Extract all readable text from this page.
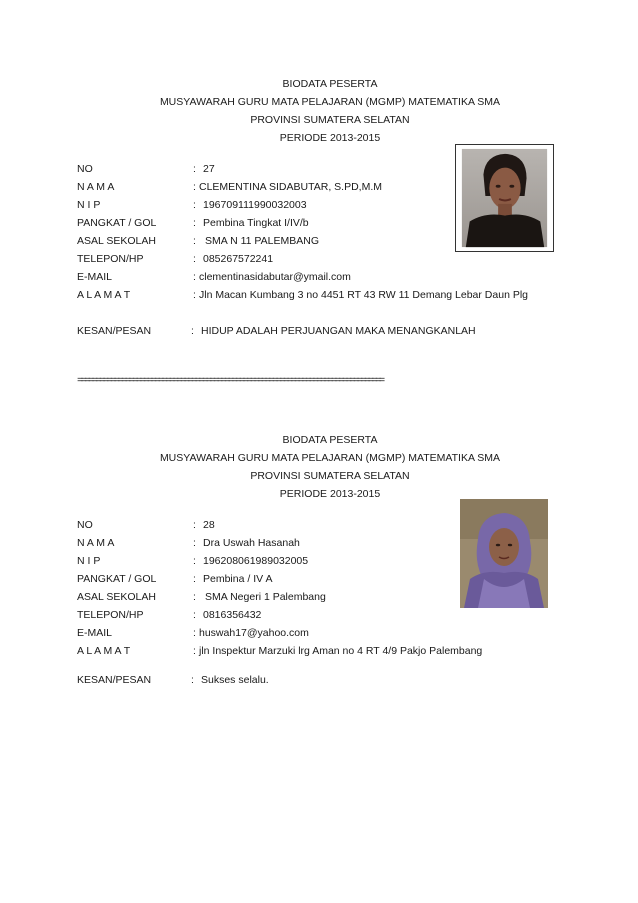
BIODATA PESERTA
MUSYAWARAH GURU MATA PELAJARAN (MGMP) MATEMATIKA SMA
PROVINSI SUMATERA SELATAN
PERIODE 2013-2015
NO	: 27
N A M A	: CLEMENTINA SIDABUTAR, S.PD,M.M
N I P	: 196709111990032003
PANGKAT / GOL	: Pembina Tingkat I/IV/b
ASAL SEKOLAH	: SMA N 11 PALEMBANG
TELEPON/HP	: 085267572241
E-MAIL	: clementinasidabutar@ymail.com
A L A M A T	: Jln Macan Kumbang 3 no 4451 RT 43 RW 11 Demang Lebar Daun Plg
KESAN/PESAN	: HIDUP ADALAH PERJUANGAN MAKA MENANGKANLAH
===================================================================================
BIODATA PESERTA
MUSYAWARAH GURU MATA PELAJARAN (MGMP) MATEMATIKA SMA
PROVINSI SUMATERA SELATAN
PERIODE 2013-2015
NO	: 28
N A M A	: Dra Uswah Hasanah
N I P	: 196208061989032005
PANGKAT / GOL	: Pembina / IV A
ASAL SEKOLAH	: SMA Negeri 1 Palembang
TELEPON/HP	: 0816356432
E-MAIL	: huswah17@yahoo.com
A L A M A T	: jln Inspektur Marzuki lrg Aman no 4 RT 4/9 Pakjo Palembang
KESAN/PESAN	: Sukses selalu.
